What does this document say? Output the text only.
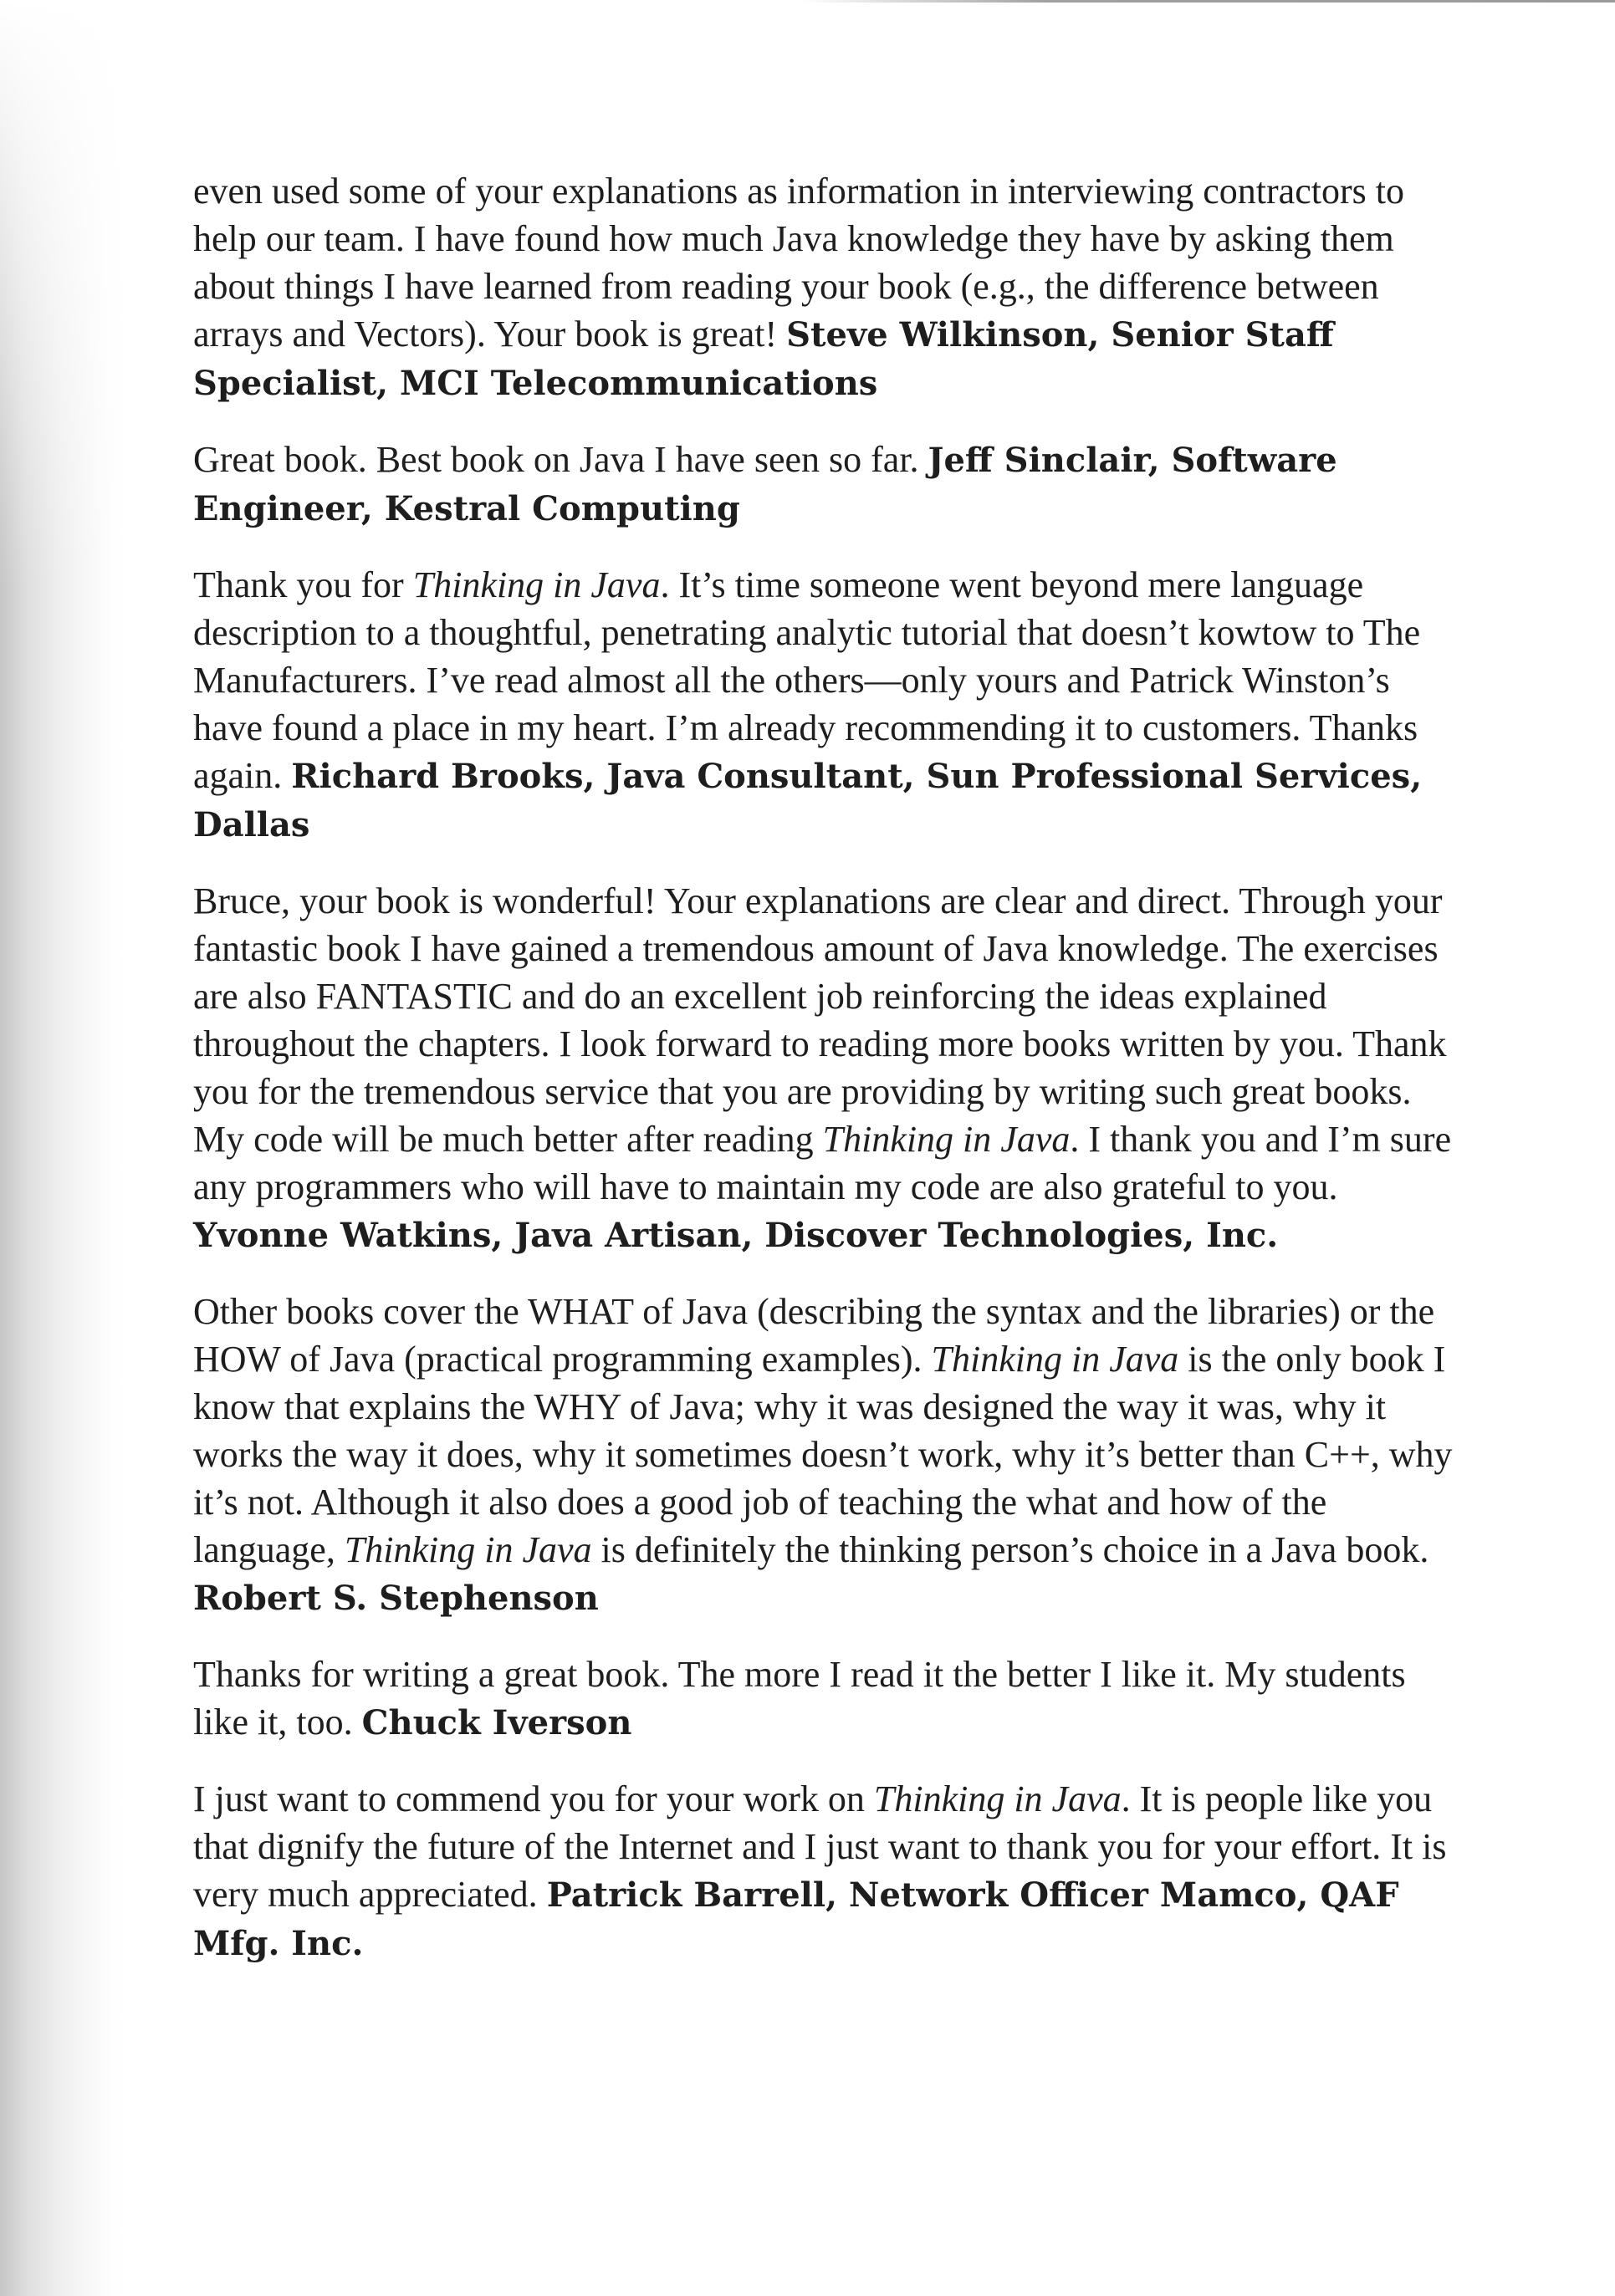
even used some of your explanations as information in interviewing contractors to help our team. I have found how much Java knowledge they have by asking them about things I have learned from reading your book (e.g., the difference between arrays and Vectors). Your book is great! Steve Wilkinson, Senior Staff Specialist, MCI Telecommunications

Great book. Best book on Java I have seen so far. Jeff Sinclair, Software Engineer, Kestral Computing

Thank you for Thinking in Java. It’s time someone went beyond mere language description to a thoughtful, penetrating analytic tutorial that doesn’t kowtow to The Manufacturers. I’ve read almost all the others—only yours and Patrick Winston’s have found a place in my heart. I’m already recommending it to customers. Thanks again. Richard Brooks, Java Consultant, Sun Professional Services, Dallas

Bruce, your book is wonderful! Your explanations are clear and direct. Through your fantastic book I have gained a tremendous amount of Java knowledge. The exercises are also FANTASTIC and do an excellent job reinforcing the ideas explained throughout the chapters. I look forward to reading more books written by you. Thank you for the tremendous service that you are providing by writing such great books. My code will be much better after reading Thinking in Java. I thank you and I’m sure any programmers who will have to maintain my code are also grateful to you. Yvonne Watkins, Java Artisan, Discover Technologies, Inc.

Other books cover the WHAT of Java (describing the syntax and the libraries) or the HOW of Java (practical programming examples). Thinking in Java is the only book I know that explains the WHY of Java; why it was designed the way it was, why it works the way it does, why it sometimes doesn’t work, why it’s better than C++, why it’s not. Although it also does a good job of teaching the what and how of the language, Thinking in Java is definitely the thinking person’s choice in a Java book. Robert S. Stephenson

Thanks for writing a great book. The more I read it the better I like it. My students like it, too. Chuck Iverson

I just want to commend you for your work on Thinking in Java. It is people like you that dignify the future of the Internet and I just want to thank you for your effort. It is very much appreciated. Patrick Barrell, Network Officer Mamco, QAF Mfg. Inc.
